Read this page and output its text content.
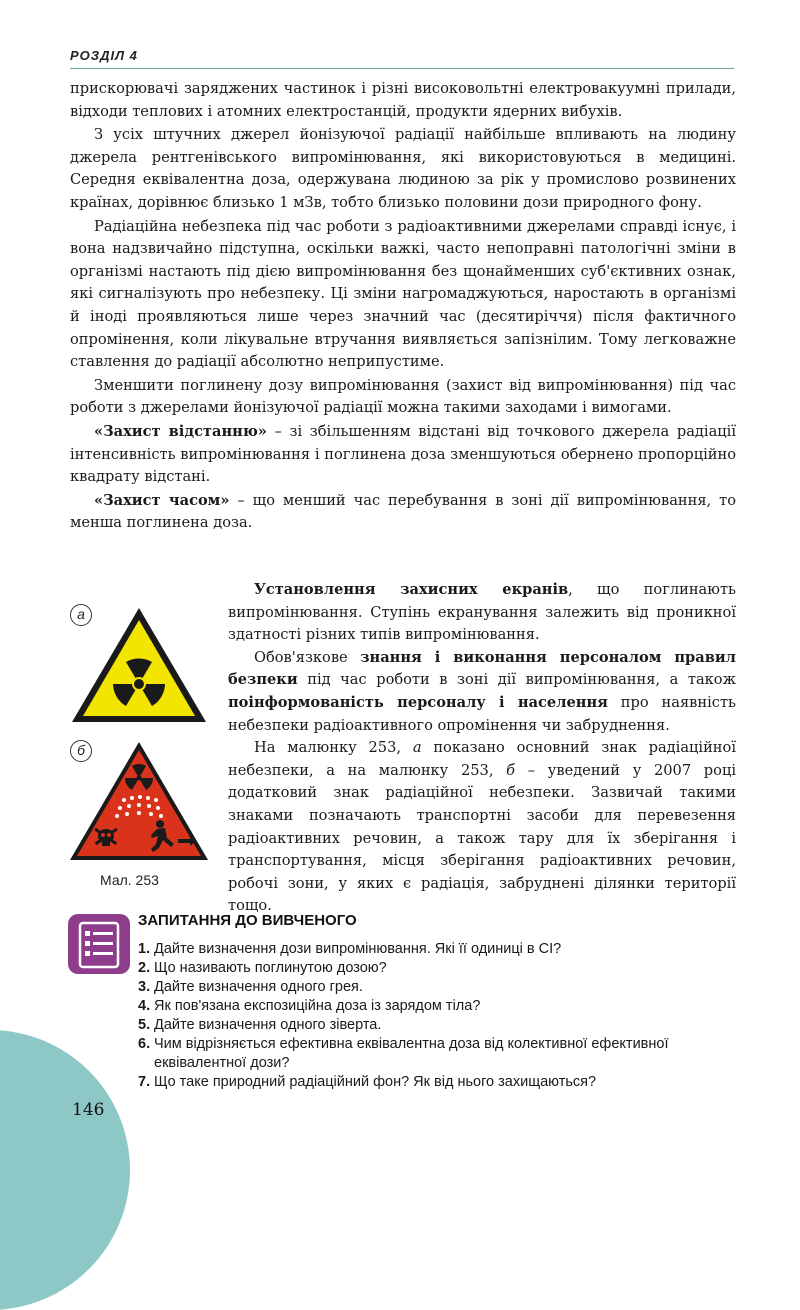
РОЗДІЛ 4

прискорювачі заряджених частинок і різні високовольтні електровакуумні прилади, відходи теплових і атомних електростанцій, продукти ядерних вибухів.

З усіх штучних джерел йонізуючої радіації найбільше впливають на людину джерела рентгенівського випромінювання, які використовуються в медицині. Середня еквівалентна доза, одержувана людиною за рік у промислово розвинених країнах, дорівнює близько 1 мЗв, тобто близько половини дози природного фону.

Радіаційна небезпека під час роботи з радіоактивними джерелами справді існує, і вона надзвичайно підступна, оскільки важкі, часто непоправні патологічні зміни в організмі настають під дією випромінювання без щонайменших суб'єктивних ознак, які сигналізують про небезпеку. Ці зміни нагромаджуються, наростають в організмі й іноді проявляються лише через значний час (десятиріччя) після фактичного опромінення, коли лікувальне втручання виявляється запізнілим. Тому легковажне ставлення до радіації абсолютно неприпустиме.

Зменшити поглинену дозу випромінювання (захист від випромінювання) під час роботи з джерелами йонізуючої радіації можна такими заходами і вимогами.

«Захист відстанню» – зі збільшенням відстані від точкового джерела радіації інтенсивність випромінювання і поглинена доза зменшуються обернено пропорційно квадрату відстані.

«Захист часом» – що менший час перебування в зоні дії випромінювання, то менша поглинена доза.

Установлення захисних екранів, що поглинають випромінювання. Ступінь екранування залежить від проникної здатності різних типів випромінювання.

Обов'язкове знання і виконання персоналом правил безпеки під час роботи в зоні дії випромінювання, а також поінформованість персоналу і населення про наявність небезпеки радіоактивного опромінення чи забруднення.

На малюнку 253, а показано основний знак радіаційної небезпеки, а на малюнку 253, б – уведений у 2007 році додатковий знак радіаційної небезпеки. Зазвичай такими знаками позначають транспортні засоби для перевезення радіоактивних речовин, а також тару для їх зберігання і транспортування, місця зберігання радіоактивних речовин, робочі зони, у яких є радіація, забруднені ділянки території тощо.

а
б
Мал. 253
ЗАПИТАННЯ ДО ВИВЧЕНОГО
1. Дайте визначення дози випромінювання. Які її одиниці в СІ?
2. Що називають поглинутою дозою?
3. Дайте визначення одного грея.
4. Як пов'язана експозиційна доза із зарядом тіла?
5. Дайте визначення одного зіверта.
6. Чим відрізняється ефективна еквівалентна доза від колективної ефективної еквівалентної дози?
7. Що таке природний радіаційний фон? Як від нього захищаються?
146
